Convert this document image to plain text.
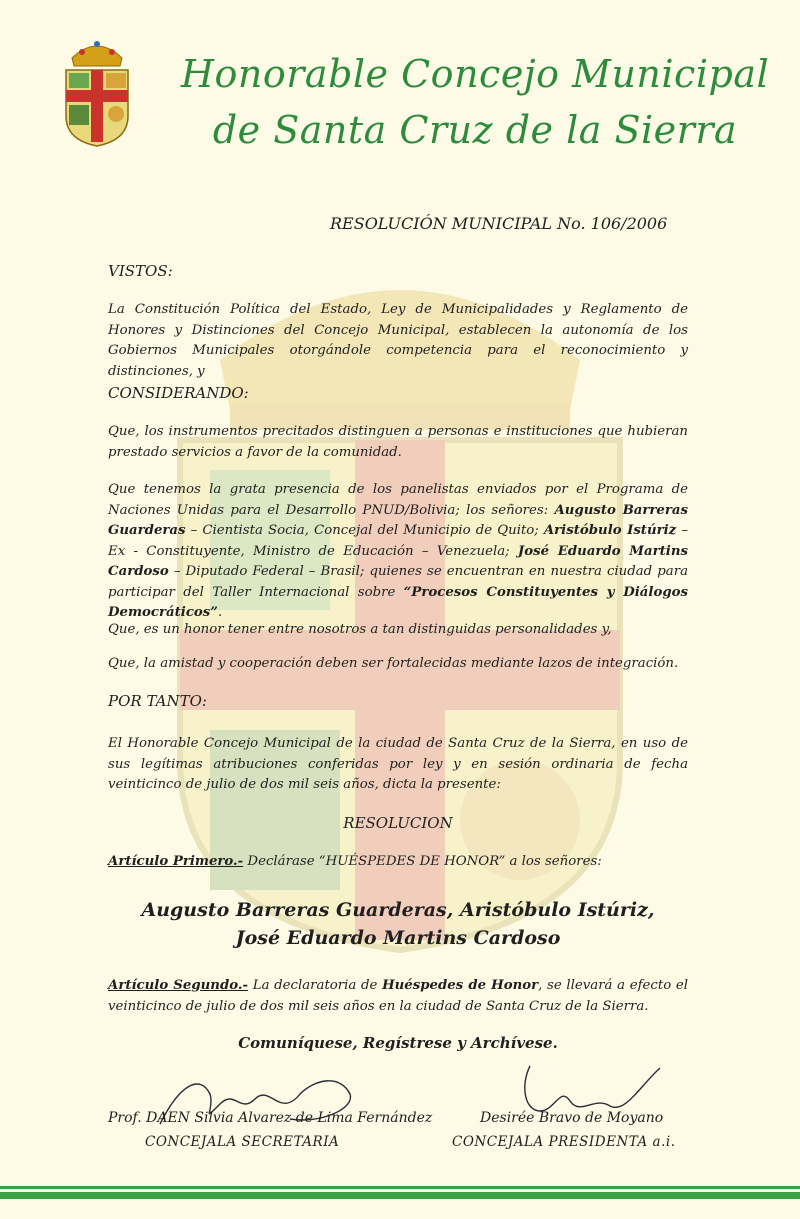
Honorable Concejo Municipal
de Santa Cruz de la Sierra
RESOLUCIÓN MUNICIPAL No. 106/2006
VISTOS:
La Constitución Política del Estado, Ley de Municipalidades y Reglamento de Honores y Distinciones del Concejo Municipal, establecen la autonomía de los Gobiernos Municipales otorgándole competencia para el reconocimiento y distinciones, y
CONSIDERANDO:
Que, los instrumentos precitados distinguen a personas e instituciones que hubieran prestado servicios a favor de la comunidad.
Que tenemos la grata presencia de los panelistas enviados por el Programa de Naciones Unidas para el Desarrollo PNUD/Bolivia; los señores: Augusto Barreras Guarderas – Cientista Socia, Concejal del Municipio de Quito; Aristóbulo Istúriz – Ex - Constituyente, Ministro de Educación – Venezuela; José Eduardo Martins Cardoso – Diputado Federal – Brasil; quienes se encuentran en nuestra ciudad para participar del Taller Internacional sobre “Procesos Constituyentes y Diálogos Democráticos”.
Que, es un honor tener entre nosotros a tan distinguidas personalidades y,
Que, la amistad y cooperación deben ser fortalecidas mediante lazos de integración.
POR TANTO:
El Honorable Concejo Municipal de la ciudad de Santa Cruz de la Sierra, en uso de sus legítimas atribuciones conferidas por ley y en sesión ordinaria de fecha veinticinco de julio de dos mil seis años, dicta la presente:
RESOLUCION
Artículo Primero.- Declárase “HUÉSPEDES DE HONOR” a los señores:
Augusto Barreras Guarderas, Aristóbulo Istúriz,
José Eduardo Martins Cardoso
Artículo Segundo.- La declaratoria de Huéspedes de Honor, se llevará a efecto el veinticinco de julio de dos mil seis años en la ciudad de Santa Cruz de la Sierra.
Comuníquese, Regístrese y Archívese.
Prof. DAEN Silvia Alvarez de Lima Fernández
CONCEJALA SECRETARIA
Desirée Bravo de Moyano
CONCEJALA PRESIDENTA a.i.
